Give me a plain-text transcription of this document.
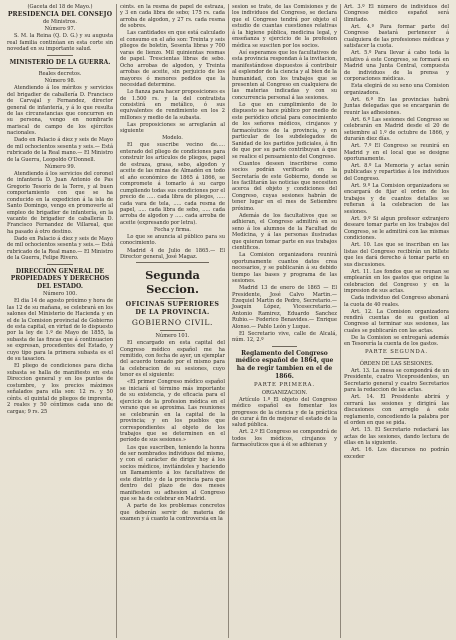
(Gaceta del 18 de Mayo.)

PRESIDENCIA DEL CONSEJO

de Ministros.

Número 97.

S. M. la Reina (Q. D. G.) y su augusta real familia continúan en esta corte sin novedad en su importante salud.

MINISTERIO DE LA GUERRA.

Reales decretos.

Número 98.

Atendiendo á los méritos y servicios del brigadier de caballería D. Francisco de Carvajal y Fernandez, director general de infantería, y á lo que resulta de las circunstancias que concurren en su persona, vengo en nombrarle mariscal de campo de los ejércitos nacionales.

Dado en Palacio á diez y seis de Mayo de mil ochocientos sesenta y seis.— Está rubricado de la Real mano.— El Ministro de la Guerra, Leopoldo O'Donnell.

Número 99.

Atendiendo á los servicios del coronel de infantería D. Juan Antonio de Pas Gregorio Tesorío de la Torre, y al buen comportamiento con que se ha conducido en la expedicion á la isla de Santo Domingo, vengo en promoverle al empleo de brigadier de infantería, en la vacante de brigadier de caballería D. Francisco Fernandez de Villareal, que ha pasado á otro destino.

Dado en Palacio á diez y seis de Mayo de mil ochocientos sesenta y seis.— Está rubricado de la Real mano.— El Ministro de la Guerra, Felipe Rivero.

DIRECCION GENERAL DE PROPIEDADES Y DERECHOS DEL ESTADO.

Número 100.

El dia 14 de agosto próximo y hora de las 12 de su mañana, se celebrará en los salones del Ministerio de Hacienda y en el de la Comision provincial de Gobierno de esta capital, en virtud de lo dispuesto por la ley de 1.º de Mayo de 1855, la subasta de las fincas que á continuacion se expresan, procedentes del Estado, y cuyo tipo para la primera subasta es el de su tasacion.

El pliego de condiciones para dicha subasta se halla de manifiesto en esta Direccion general y en los puntos de costumbre, y los precios máximos señalados para ella son: 12 rs. y 50 cénts. el quintal de pliegos de imprenta, 2 reales y 50 céntimos cada uno de cargas; 9 rs. 25

cénts. en la resma de papel de estraza, y 3 en cada libra de sebo; 175 rs. cada arroba de algodon, y 27 rs. cada resma de sobres.

Las cantidades en que está calculado el consumo en el año son: Treinta y seis pliegos de boletin, Sesenta libras y 700 varas de lienzo. Mil quinientas resmas de papel. Trescientas libras de sebo. Ocho arrobas de algodon, y Treinta arrobas de aceite, sin perjuicio de los mayores ó menores pedidos que la necesidad determine.

Lo fianza para hacer proposiciones es de 1.500 rs. y la del contratista consistirá en metálico, ó sus equivalentes de rendimiento en los 2 millones y medio de la subasta.

Las proposiciones se arreglarán al siguiente

Modelo.

El que suscribe vecino de..... enterado del pliego de condiciones para construir los artículos de pliegos, papel de estraza, grasa, sebo, algodon y aceite de las minas de Almadén en todo el año económico de 1865 á 1866, se compromete á tomarlo á su cargo cumpliendo todas sus condiciones por el precio de ..... cada libra de pliegos, ..... cada vara de tela, ..... cada resma de papel, ..... cada libra de sebo, ..... cada arroba de algodon y ..... cada arroba de aceite (expresando por letra).

Fecha y firma.

Lo que se anuncia al público para su conocimiento.

Madrid 4 de Julio de 1865.— El Director general, José Magaz.

Segunda Seccion.

OFICINAS SUPERIORES DE LA PROVINCIA.

GOBIERNO CIVIL.

Número 101.

El encargado en esta capital del Congreso médico español me ha remitido, con fecha de ayer, un ejemplar del acuerdo tomado por el mismo para la celebracion de su sesiones, cuyo tenor es el siguiente:

«El primer Congreso médico español se iniciará el término más importante de su existencia, y de eficacia para el ejercicio de la profesion médica en el verano que se aproxima. Las reuniones se celebrarán en la capital de la provincia; y en los pueblos que correspondientes al objeto de los trabajos que se determinen en el período de sus sesiones.»

Los que suscriben, teniendo la honra de ser nombrados individuos del mismo, y con el carácter de dirigir hoy á los socios médicos, invitándoles y haciendo un llamamiento á los facultativos de este distrito y de la provincia para que dentro del plazo de dos meses manifiesten su adhesion al Congreso que se ha de celebrar en Madrid.

A parte de los problemas concretos que deberán servir de materia de examen y á cuanto la controversia en la

sesion se trate, de las Comisiones y de los individuos del Congreso, se declara que el Congreso tendrá por objeto el estudio de cuantas cuestiones relativas á la higiene pública, medicina legal, y enseñanza y ejercicio de la profesion médica se susciten por los socios.

Así esperamos que los facultativos de esta provincia respondan á la invitacion, manifestándose dispuestos á contribuir al esplendor de la ciencia y al bien de la humanidad, con los trabajos que se presenten al Congreso en cualquiera de las materias indicadas y con su concurrencia personal á las sesiones.

Lo que en cumplimiento de lo dispuesto se hace público por medio de este periódico oficial para conocimiento de los señores médicos, cirujanos y farmacéuticos de la provincia, y en particular de los subdelegados de Sanidad de los partidos judiciales, á fin de que por su parte contribuyan á que se realice el pensamiento del Congreso.

Cuantos deseen inscribirse como socios podrán verificarlo en la Secretaría de este Gobierno, donde se les facilitarán las noticias que necesiten acerca del objeto y condiciones del Congreso, cuyas sesiones habrán de tener lugar en el mes de Setiembre próximo.

Además de los facultativos que se adhieran, el Congreso admitirá en su seno á los alumnos de la Facultad de Medicina, y á las personas ilustradas que quieran tomar parte en sus trabajos científicos.

La Comision organizadora reunirá oportunamente cuantos datos crea necesarios, y se publicarán á su debido tiempo las bases y programa de las sesiones.

Madrid 13 de enero de 1865 — El Presidente, José Calvo Martin.— Ezequiel Martin de Pedro, Secretario.— Joaquín López, Vicesecretario.— Antonio Ramirez, Eduardo Sanchez Rubio.— Federico Benavides.— Enrique Alonso.— Pablo León y Luque.

El Secretario vive, calle de Alcalá, núm. 12, 2.º

Reglamento del Congreso médico español de 1864, que ha de regir tambien en el de 1866.

PARTE PRIMERA.

ORGANIZACION.

Artículo 1.º El objeto del Congreso médico español es fomentar los progresos de la ciencia y de la práctica de curar á fin de mejorar el estado de la salud pública.

Art. 2.º El Congreso se compondrá de todos los médicos, cirujanos y farmacéuticos que á él se adhieran y

Art. 3.º El número de individuos del Congreso médico español será ilimitado.

Art. 4.º Para formar parte del Congreso bastará pertenecer á cualquiera de las profesiones médicas y satisfacer la cuota.

Art. 5.º Para llevar á cabo toda la relativo á este Congreso, se formará en Madrid una Junta Central, compuesta de individuos de la prensa y corporaciones médicas.

Esta elegirá de su seno una Comision organizadora.

Art. 6.º En las provincias habrá Juntas delegadas que se encargarán de reunir las adhesiones.

Art. 6.º Las sesiones del Congreso se celebrarán en Madrid desde el 20 de setiembre al 1.º de octubre de 1866, y durarán diez días.

Art. 7.º El Congreso se reunirá en Madrid y en el local que se designe oportunamente.

Art. 8.º La Memoria y actas serán publicadas y repartidas á los individuos del Congreso.

Art. 9.º La Comision organizadora se encargará de fijar el orden de los trabajos y de cuantos detalles se refieran á la celebracion de las sesiones.

Art. 9.º Si algun profesor extranjero deseare tomar parte en los trabajos del Congreso, se le admitirá con las mismas condiciones.

Art. 10. Los que se inscriban en las listas del Congreso recibirán un billete que les dará derecho á tomar parte en sus discusiones.

Art. 11. Los fondos que se reunan se emplearán en los gastos que origine la celebracion del Congreso y en la impresion de sus actas.

Cada individuo del Congreso abonará la cuota de 40 reales.

Art. 12. La Comision organizadora rendirá cuentas de su gestion al Congreso al terminar sus sesiones, las cuales se publicarán con las actas.

De la Comision se entregará además en Tesorería la cuenta de los gastos.

PARTE SEGUNDA.

ÓRDEN DE LAS SESIONES.

Art. 13. La mesa se compondrá de un Presidente, cuatro Vicepresidentes, un Secretario general y cuatro Secretarios para la redaccion de las actas.

Art. 14. El Presidente abrirá y cerrará las sesiones y dirigirá las discusiones con arreglo á este reglamento, concediendo la palabra por el orden en que se pida.

Art. 15. El Secretario redactará las actas de las sesiones, dando lectura de ellas en la siguiente.

Art. 16. Los discursos no podrán exceder
